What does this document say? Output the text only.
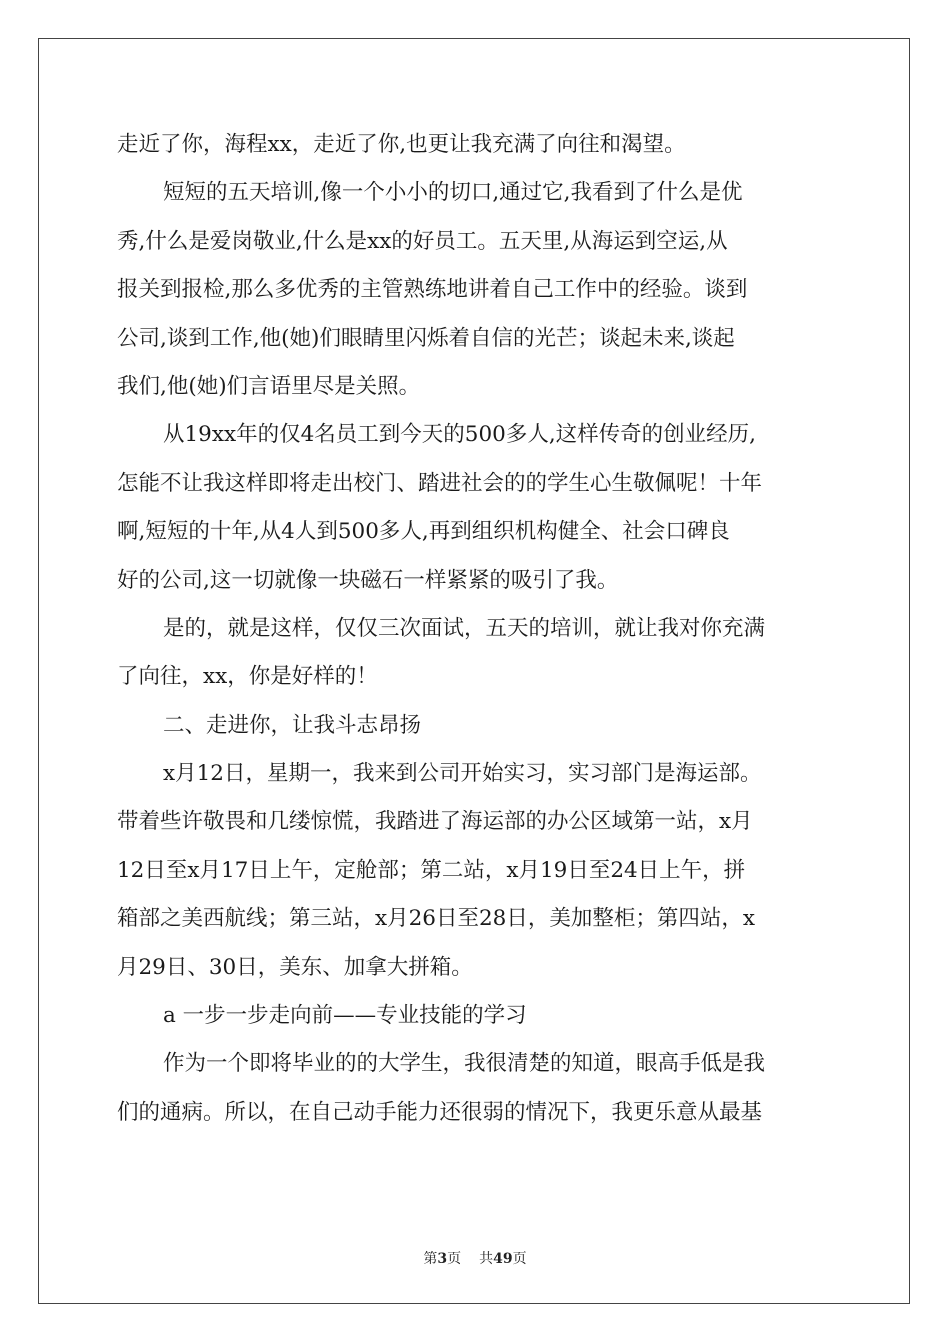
走近了你，海程xx，走近了你,也更让我充满了向往和渴望。
短短的五天培训,像一个小小的切口,通过它,我看到了什么是优
秀,什么是爱岗敬业,什么是xx的好员工。五天里,从海运到空运,从
报关到报检,那么多优秀的主管熟练地讲着自己工作中的经验。谈到
公司,谈到工作,他(她)们眼睛里闪烁着自信的光芒；谈起未来,谈起
我们,他(她)们言语里尽是关照。
从19xx年的仅4名员工到今天的500多人,这样传奇的创业经历,
怎能不让我这样即将走出校门、踏进社会的的学生心生敬佩呢！十年
啊,短短的十年,从4人到500多人,再到组织机构健全、社会口碑良
好的公司,这一切就像一块磁石一样紧紧的吸引了我。
是的，就是这样，仅仅三次面试，五天的培训，就让我对你充满
了向往，xx，你是好样的！
二、走进你，让我斗志昂扬
x月12日，星期一，我来到公司开始实习，实习部门是海运部。
带着些许敬畏和几缕惊慌，我踏进了海运部的办公区域第一站，x月
12日至x月17日上午，定舱部；第二站，x月19日至24日上午，拼
箱部之美西航线；第三站，x月26日至28日，美加整柜；第四站，x
月29日、30日，美东、加拿大拼箱。
a 一步一步走向前——专业技能的学习
作为一个即将毕业的的大学生，我很清楚的知道，眼高手低是我
们的通病。所以，在自己动手能力还很弱的情况下，我更乐意从最基
第3页 共49页
